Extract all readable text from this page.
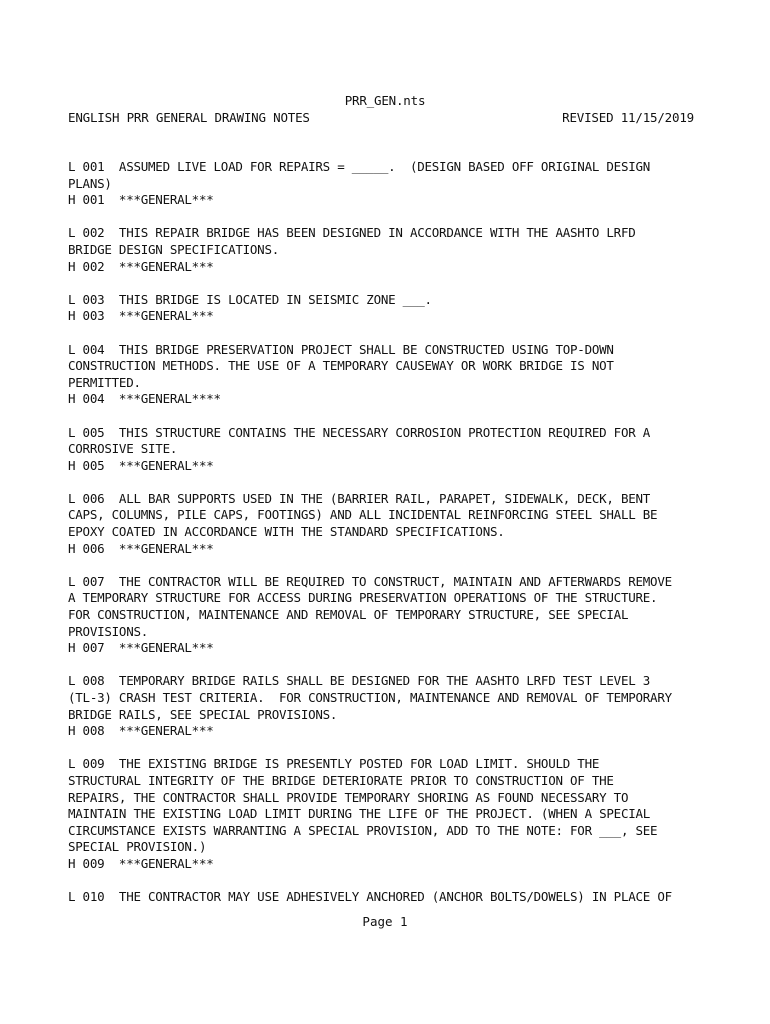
PRR_GEN.nts
ENGLISH PRR GENERAL DRAWING NOTES	REVISED 11/15/2019
L 001  ASSUMED LIVE LOAD FOR REPAIRS = _____.  (DESIGN BASED OFF ORIGINAL DESIGN
PLANS)
H 001  ***GENERAL***
L 002  THIS REPAIR BRIDGE HAS BEEN DESIGNED IN ACCORDANCE WITH THE AASHTO LRFD
BRIDGE DESIGN SPECIFICATIONS.
H 002  ***GENERAL***
L 003  THIS BRIDGE IS LOCATED IN SEISMIC ZONE ___.
H 003  ***GENERAL***
L 004  THIS BRIDGE PRESERVATION PROJECT SHALL BE CONSTRUCTED USING TOP-DOWN
CONSTRUCTION METHODS. THE USE OF A TEMPORARY CAUSEWAY OR WORK BRIDGE IS NOT
PERMITTED.
H 004  ***GENERAL****
L 005  THIS STRUCTURE CONTAINS THE NECESSARY CORROSION PROTECTION REQUIRED FOR A
CORROSIVE SITE.
H 005  ***GENERAL***
L 006  ALL BAR SUPPORTS USED IN THE (BARRIER RAIL, PARAPET, SIDEWALK, DECK, BENT
CAPS, COLUMNS, PILE CAPS, FOOTINGS) AND ALL INCIDENTAL REINFORCING STEEL SHALL BE
EPOXY COATED IN ACCORDANCE WITH THE STANDARD SPECIFICATIONS.
H 006  ***GENERAL***
L 007  THE CONTRACTOR WILL BE REQUIRED TO CONSTRUCT, MAINTAIN AND AFTERWARDS REMOVE
A TEMPORARY STRUCTURE FOR ACCESS DURING PRESERVATION OPERATIONS OF THE STRUCTURE.
FOR CONSTRUCTION, MAINTENANCE AND REMOVAL OF TEMPORARY STRUCTURE, SEE SPECIAL
PROVISIONS.
H 007  ***GENERAL***
L 008  TEMPORARY BRIDGE RAILS SHALL BE DESIGNED FOR THE AASHTO LRFD TEST LEVEL 3
(TL-3) CRASH TEST CRITERIA.  FOR CONSTRUCTION, MAINTENANCE AND REMOVAL OF TEMPORARY
BRIDGE RAILS, SEE SPECIAL PROVISIONS.
H 008  ***GENERAL***
L 009  THE EXISTING BRIDGE IS PRESENTLY POSTED FOR LOAD LIMIT. SHOULD THE
STRUCTURAL INTEGRITY OF THE BRIDGE DETERIORATE PRIOR TO CONSTRUCTION OF THE
REPAIRS, THE CONTRACTOR SHALL PROVIDE TEMPORARY SHORING AS FOUND NECESSARY TO
MAINTAIN THE EXISTING LOAD LIMIT DURING THE LIFE OF THE PROJECT. (WHEN A SPECIAL
CIRCUMSTANCE EXISTS WARRANTING A SPECIAL PROVISION, ADD TO THE NOTE: FOR ___, SEE
SPECIAL PROVISION.)
H 009  ***GENERAL***
L 010  THE CONTRACTOR MAY USE ADHESIVELY ANCHORED (ANCHOR BOLTS/DOWELS) IN PLACE OF
Page 1
